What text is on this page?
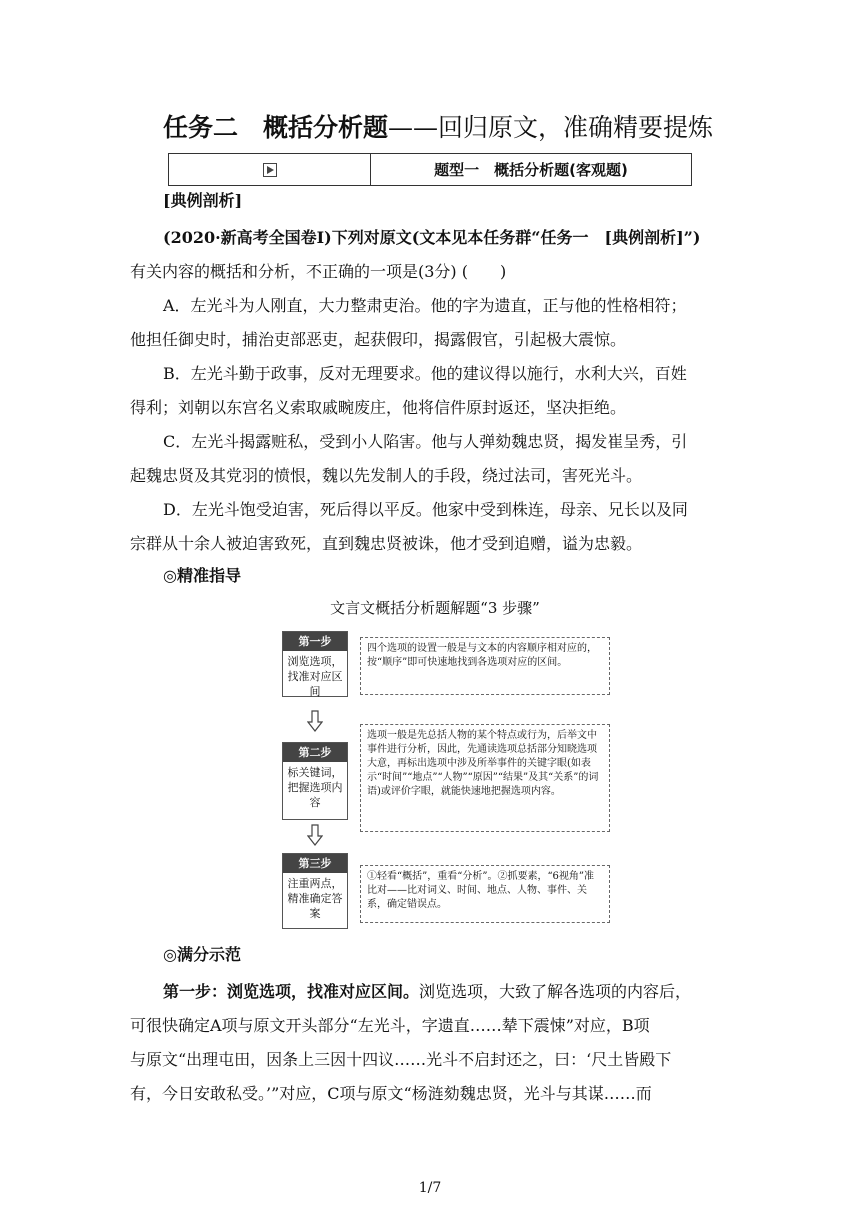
任务二　概括分析题——回归原文，准确精要提炼
题型一　概括分析题(客观题)
[典例剖析]
(2020·新高考全国卷Ⅰ)下列对原文(文本见本任务群“任务一　[典例剖析]”)
有关内容的概括和分析，不正确的一项是(3分) (　　)
A．左光斗为人刚直，大力整肃吏治。他的字为遗直，正与他的性格相符；
他担任御史时，捕治吏部恶吏，起获假印，揭露假官，引起极大震惊。
B．左光斗勤于政事，反对无理要求。他的建议得以施行，水利大兴，百姓
得利；刘朝以东宫名义索取戚畹废庄，他将信件原封返还，坚决拒绝。
C．左光斗揭露赃私，受到小人陷害。他与人弹劾魏忠贤，揭发崔呈秀，引
起魏忠贤及其党羽的愤恨，魏以先发制人的手段，绕过法司，害死光斗。
D．左光斗饱受迫害，死后得以平反。他家中受到株连，母亲、兄长以及同
宗群从十余人被迫害致死，直到魏忠贤被诛，他才受到追赠，谥为忠毅。
◎精准指导
文言文概括分析题解题“3 步骤”
第一步
浏览选项，找准对应区间
四个选项的设置一般是与文本的内容顺序相对应的，按“顺序”即可快速地找到各选项对应的区间。
第二步
标关键词，把握选项内容
选项一般是先总括人物的某个特点或行为，后举文中事件进行分析，因此，先通读选项总括部分知晓选项大意，再标出选项中涉及所举事件的关键字眼(如表示“时间”“地点”“人物”“原因”“结果”及其“关系”的词语)或评价字眼，就能快速地把握选项内容。
第三步
注重两点，精准确定答案
①轻看“概括”，重看“分析”。②抓要素，“6视角”准比对——比对词义、时间、地点、人物、事件、关系，确定错误点。
◎满分示范
第一步：浏览选项，找准对应区间。浏览选项，大致了解各选项的内容后，
可很快确定A项与原文开头部分“左光斗，字遗直……辇下震悚”对应，B项
与原文“出理屯田，因条上三因十四议……光斗不启封还之，曰：‘尺土皆殿下
有，今日安敢私受。’”对应，C项与原文“杨涟劾魏忠贤，光斗与其谋……而
1/7
